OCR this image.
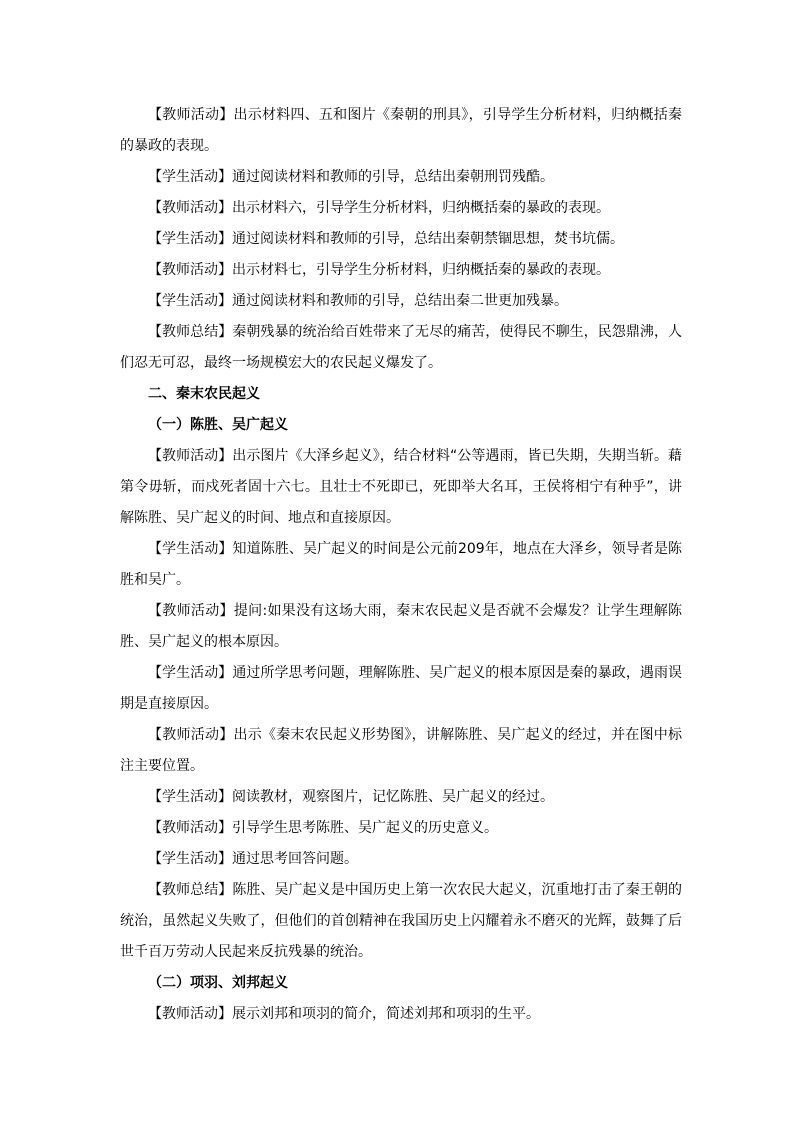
【教师活动】出示材料四、五和图片《秦朝的刑具》，引导学生分析材料，归纳概括秦的暴政的表现。

【学生活动】通过阅读材料和教师的引导，总结出秦朝刑罚残酷。

【教师活动】出示材料六，引导学生分析材料，归纳概括秦的暴政的表现。

【学生活动】通过阅读材料和教师的引导，总结出秦朝禁锢思想，焚书坑儒。

【教师活动】出示材料七，引导学生分析材料，归纳概括秦的暴政的表现。

【学生活动】通过阅读材料和教师的引导，总结出秦二世更加残暴。

【教师总结】秦朝残暴的统治给百姓带来了无尽的痛苦，使得民不聊生，民怨鼎沸，人们忍无可忍，最终一场规模宏大的农民起义爆发了。

二、秦末农民起义

（一）陈胜、吴广起义

【教师活动】出示图片《大泽乡起义》，结合材料“公等遇雨，皆已失期，失期当斩。藉第令毋斩，而戍死者固十六七。且壮士不死即已，死即举大名耳，王侯将相宁有种乎”，讲解陈胜、吴广起义的时间、地点和直接原因。

【学生活动】知道陈胜、吴广起义的时间是公元前209年，地点在大泽乡，领导者是陈胜和吴广。

【教师活动】提问:如果没有这场大雨，秦末农民起义是否就不会爆发？让学生理解陈胜、吴广起义的根本原因。

【学生活动】通过所学思考问题，理解陈胜、吴广起义的根本原因是秦的暴政，遇雨误期是直接原因。

【教师活动】出示《秦末农民起义形势图》，讲解陈胜、吴广起义的经过，并在图中标注主要位置。

【学生活动】阅读教材，观察图片，记忆陈胜、吴广起义的经过。

【教师活动】引导学生思考陈胜、吴广起义的历史意义。

【学生活动】通过思考回答问题。

【教师总结】陈胜、吴广起义是中国历史上第一次农民大起义，沉重地打击了秦王朝的统治，虽然起义失败了，但他们的首创精神在我国历史上闪耀着永不磨灭的光辉，鼓舞了后世千百万劳动人民起来反抗残暴的统治。

（二）项羽、刘邦起义

【教师活动】展示刘邦和项羽的简介，简述刘邦和项羽的生平。
